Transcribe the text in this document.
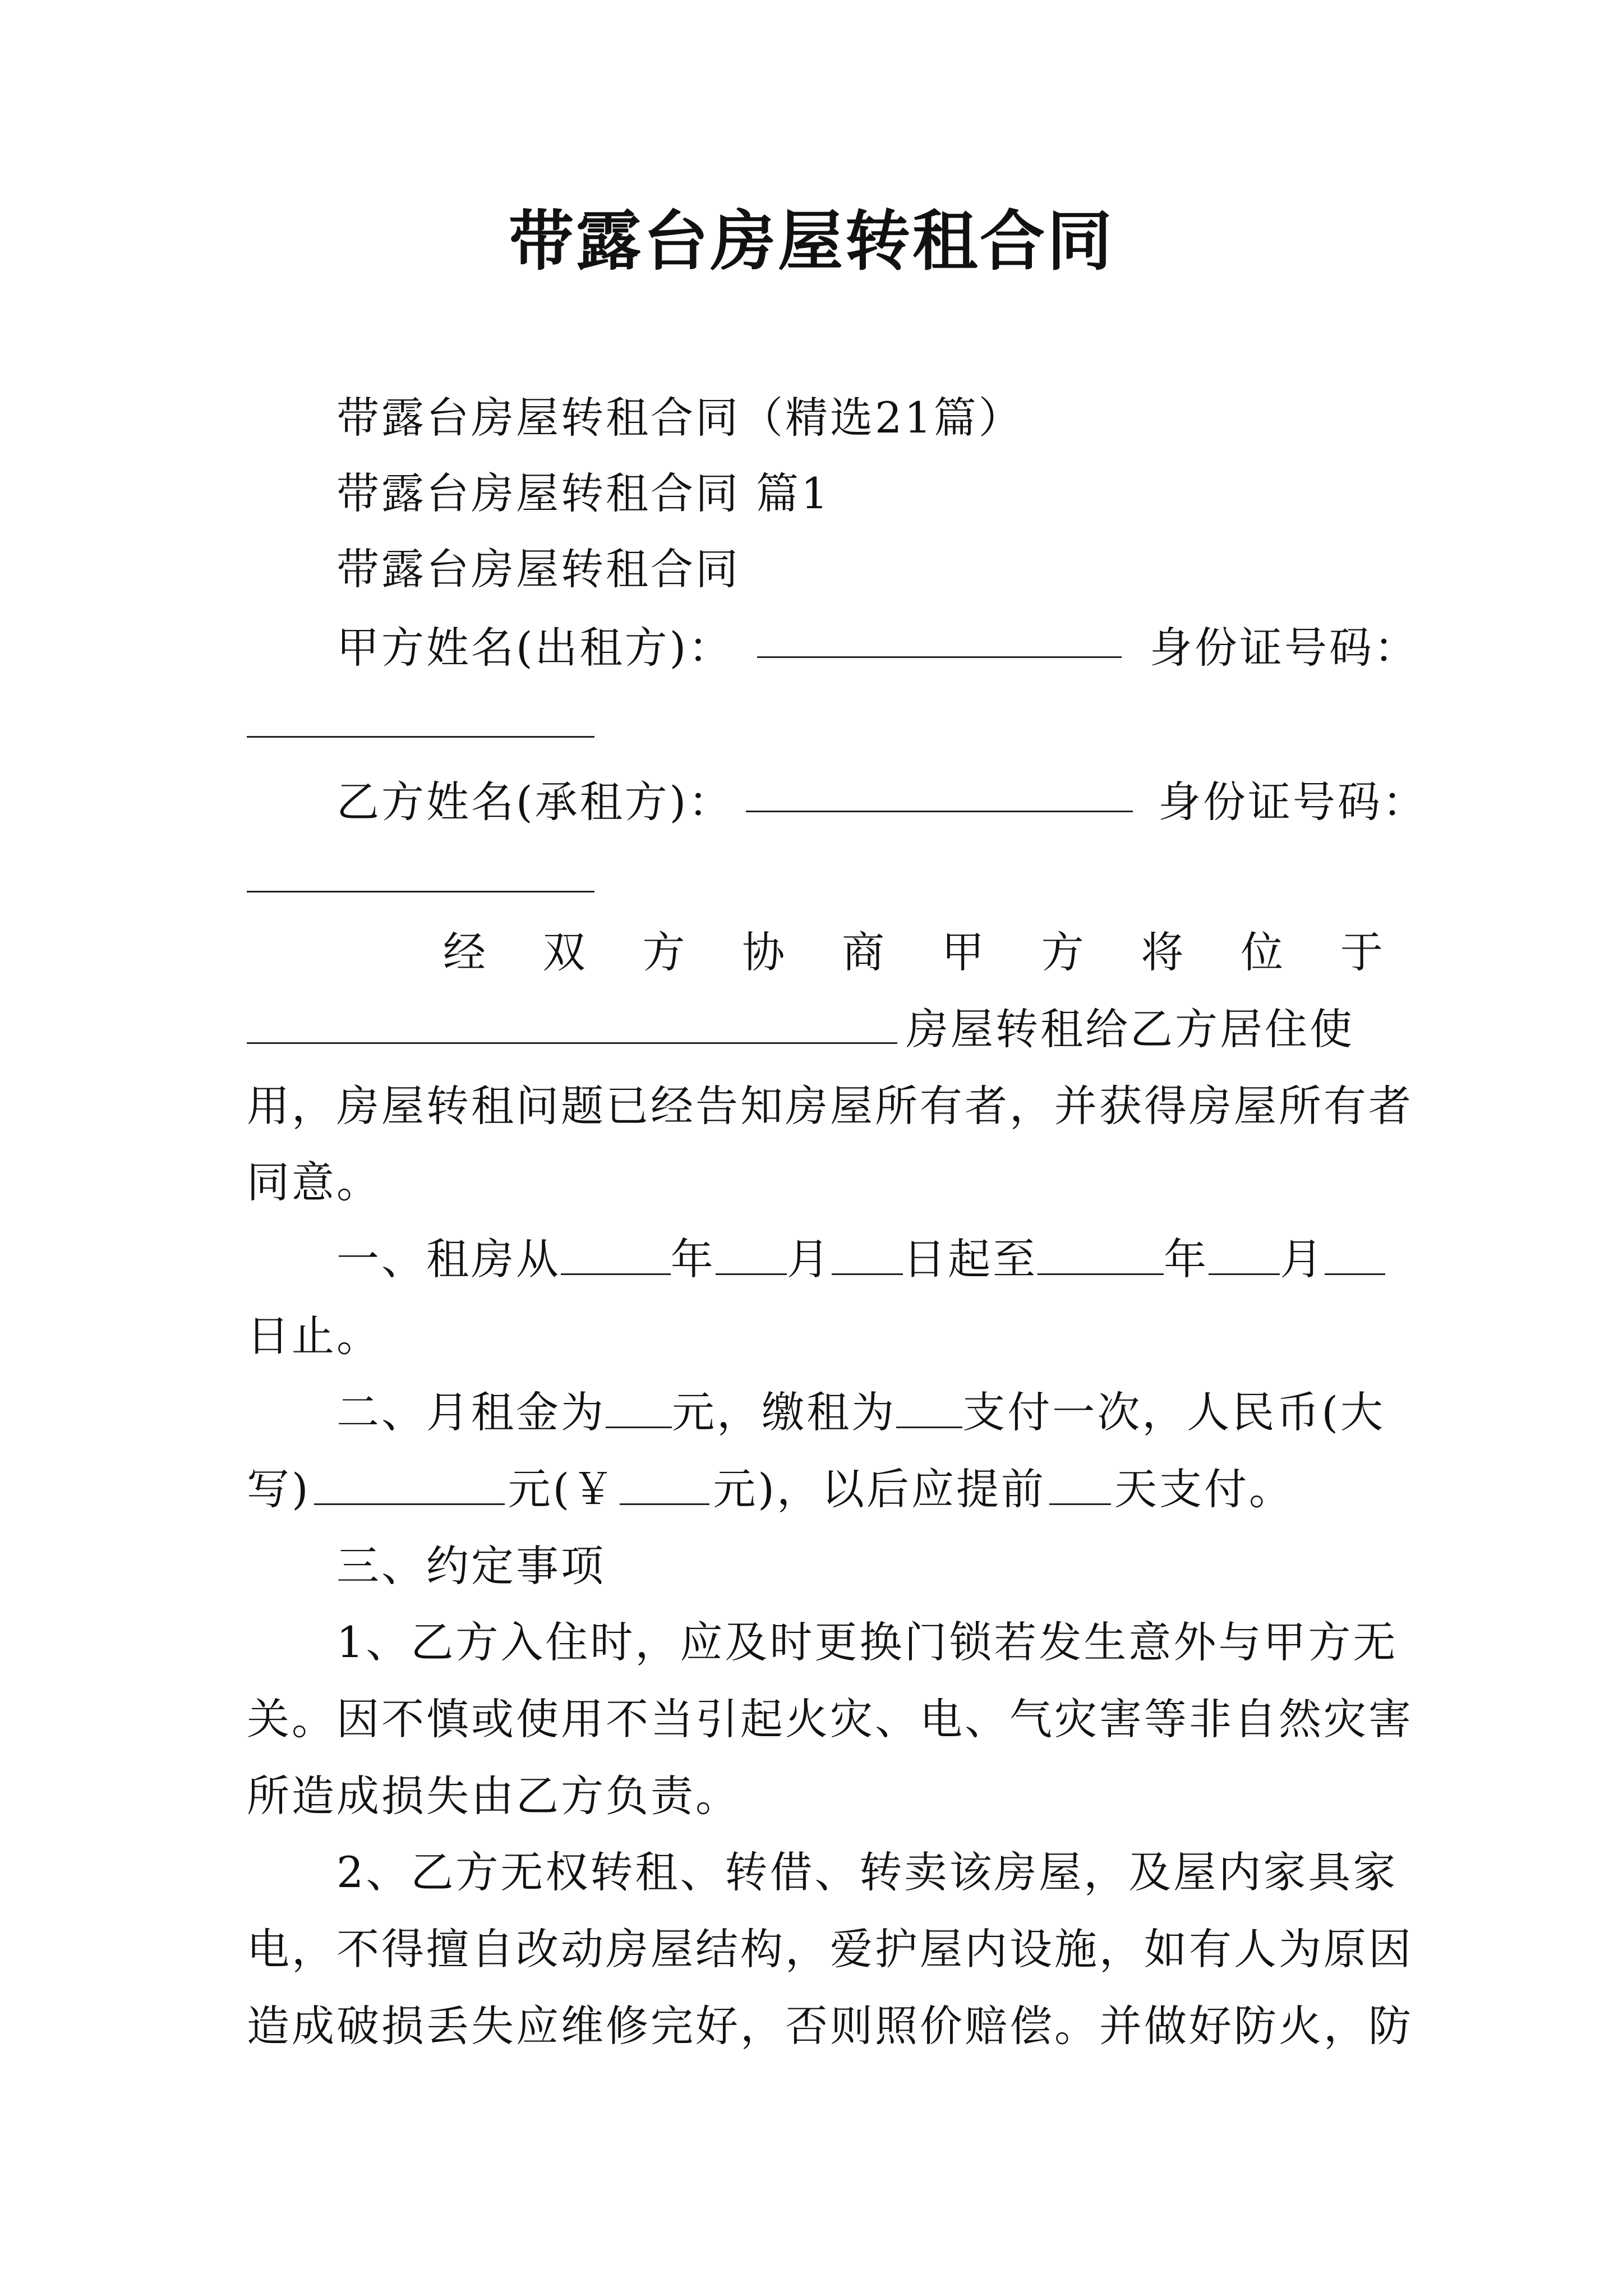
带露台房屋转租合同
带露台房屋转租合同（精选21篇）
带露台房屋转租合同 篇1
带露台房屋转租合同
甲方姓名(出租方)：	身份证号码：
乙方姓名(承租方)：	身份证号码：
经 双 方 协 商 甲 方 将 位 于
房屋转租给乙方居住使
用，房屋转租问题已经告知房屋所有者，并获得房屋所有者
同意。
一、租房从	年 月 日起至	年 月
日止。
二、月租金为 元，缴租为 支付一次，人民币(大
写)	元(￥ 元)，以后应提前 天支付。
三、约定事项
1、乙方入住时，应及时更换门锁若发生意外与甲方无
关。因不慎或使用不当引起火灾、电、气灾害等非自然灾害
所造成损失由乙方负责。
2、乙方无权转租、转借、转卖该房屋，及屋内家具家
电，不得擅自改动房屋结构，爱护屋内设施，如有人为原因
造成破损丢失应维修完好，否则照价赔偿。并做好防火，防
